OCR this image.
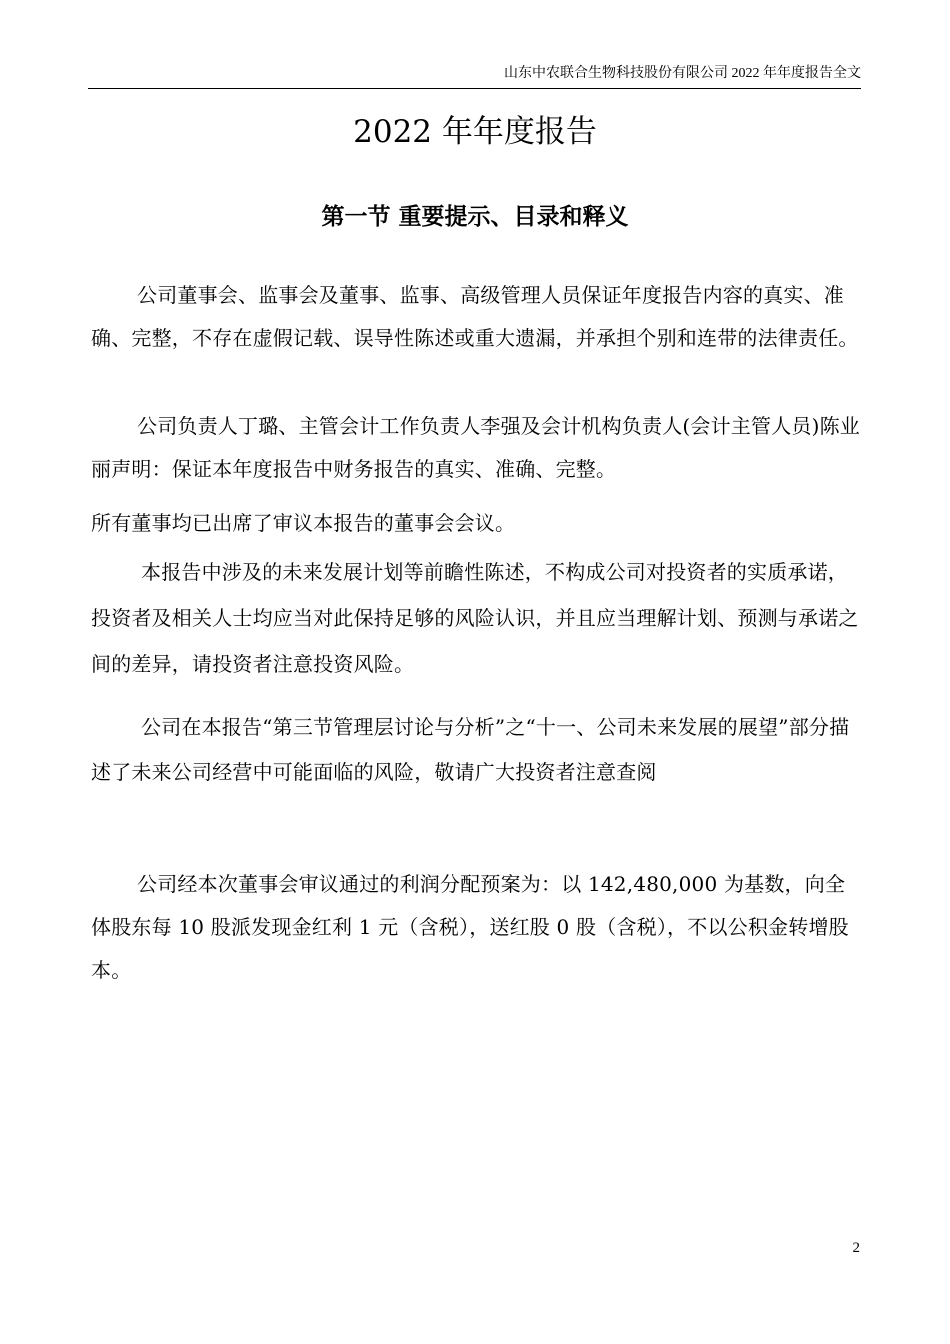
山东中农联合生物科技股份有限公司 2022 年年度报告全文
2022 年年度报告
第一节 重要提示、目录和释义

公司董事会、监事会及董事、监事、高级管理人员保证年度报告内容的真实、准确、完整，不存在虚假记载、误导性陈述或重大遗漏，并承担个别和连带的法律责任。

公司负责人丁璐、主管会计工作负责人李强及会计机构负责人(会计主管人员)陈业丽声明：保证本年度报告中财务报告的真实、准确、完整。

所有董事均已出席了审议本报告的董事会会议。

本报告中涉及的未来发展计划等前瞻性陈述，不构成公司对投资者的实质承诺，投资者及相关人士均应当对此保持足够的风险认识，并且应当理解计划、预测与承诺之间的差异，请投资者注意投资风险。

公司在本报告“第三节管理层讨论与分析”之“十一、公司未来发展的展望”部分描述了未来公司经营中可能面临的风险，敬请广大投资者注意查阅

公司经本次董事会审议通过的利润分配预案为：以 142,480,000 为基数，向全体股东每 10 股派发现金红利 1 元（含税），送红股 0 股（含税），不以公积金转增股本。

2
